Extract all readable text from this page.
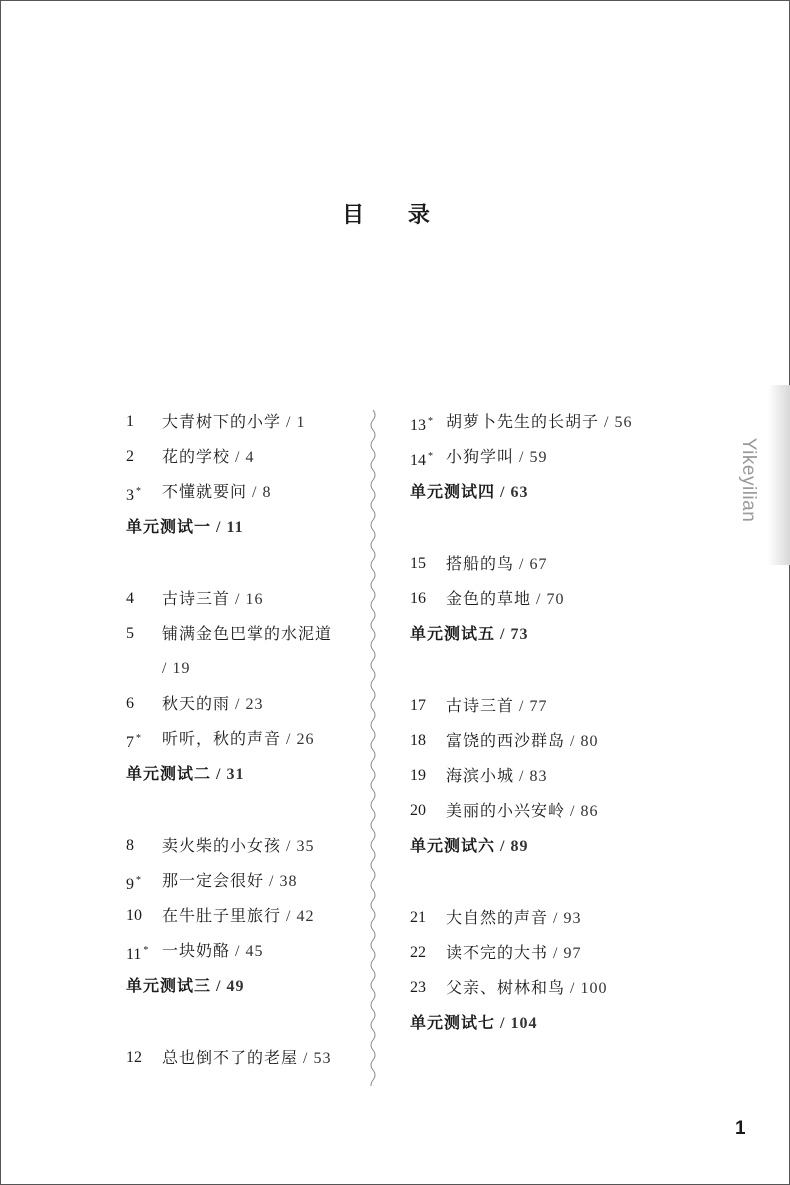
目 录
1 大青树下的小学 / 1
2 花的学校 / 4
3 * 不懂就要问 / 8
单元测试一 / 11
4 古诗三首 / 16
5 铺满金色巴掌的水泥道
/ 19
6 秋天的雨 / 23
7 * 听听，秋的声音 / 26
单元测试二 / 31
8 卖火柴的小女孩 / 35
9 * 那一定会很好 / 38
10 在牛肚子里旅行 / 42
11 * 一块奶酪 / 45
单元测试三 / 49
12 总也倒不了的老屋 / 53
13 * 胡萝卜先生的长胡子 / 56
14 * 小狗学叫 / 59
单元测试四 / 63
15 搭船的鸟 / 67
16 金色的草地 / 70
单元测试五 / 73
17 古诗三首 / 77
18 富饶的西沙群岛 / 80
19 海滨小城 / 83
20 美丽的小兴安岭 / 86
单元测试六 / 89
21 大自然的声音 / 93
22 读不完的大书 / 97
23 父亲、树林和鸟 / 100
单元测试七 / 104
Yikeyilian
1
